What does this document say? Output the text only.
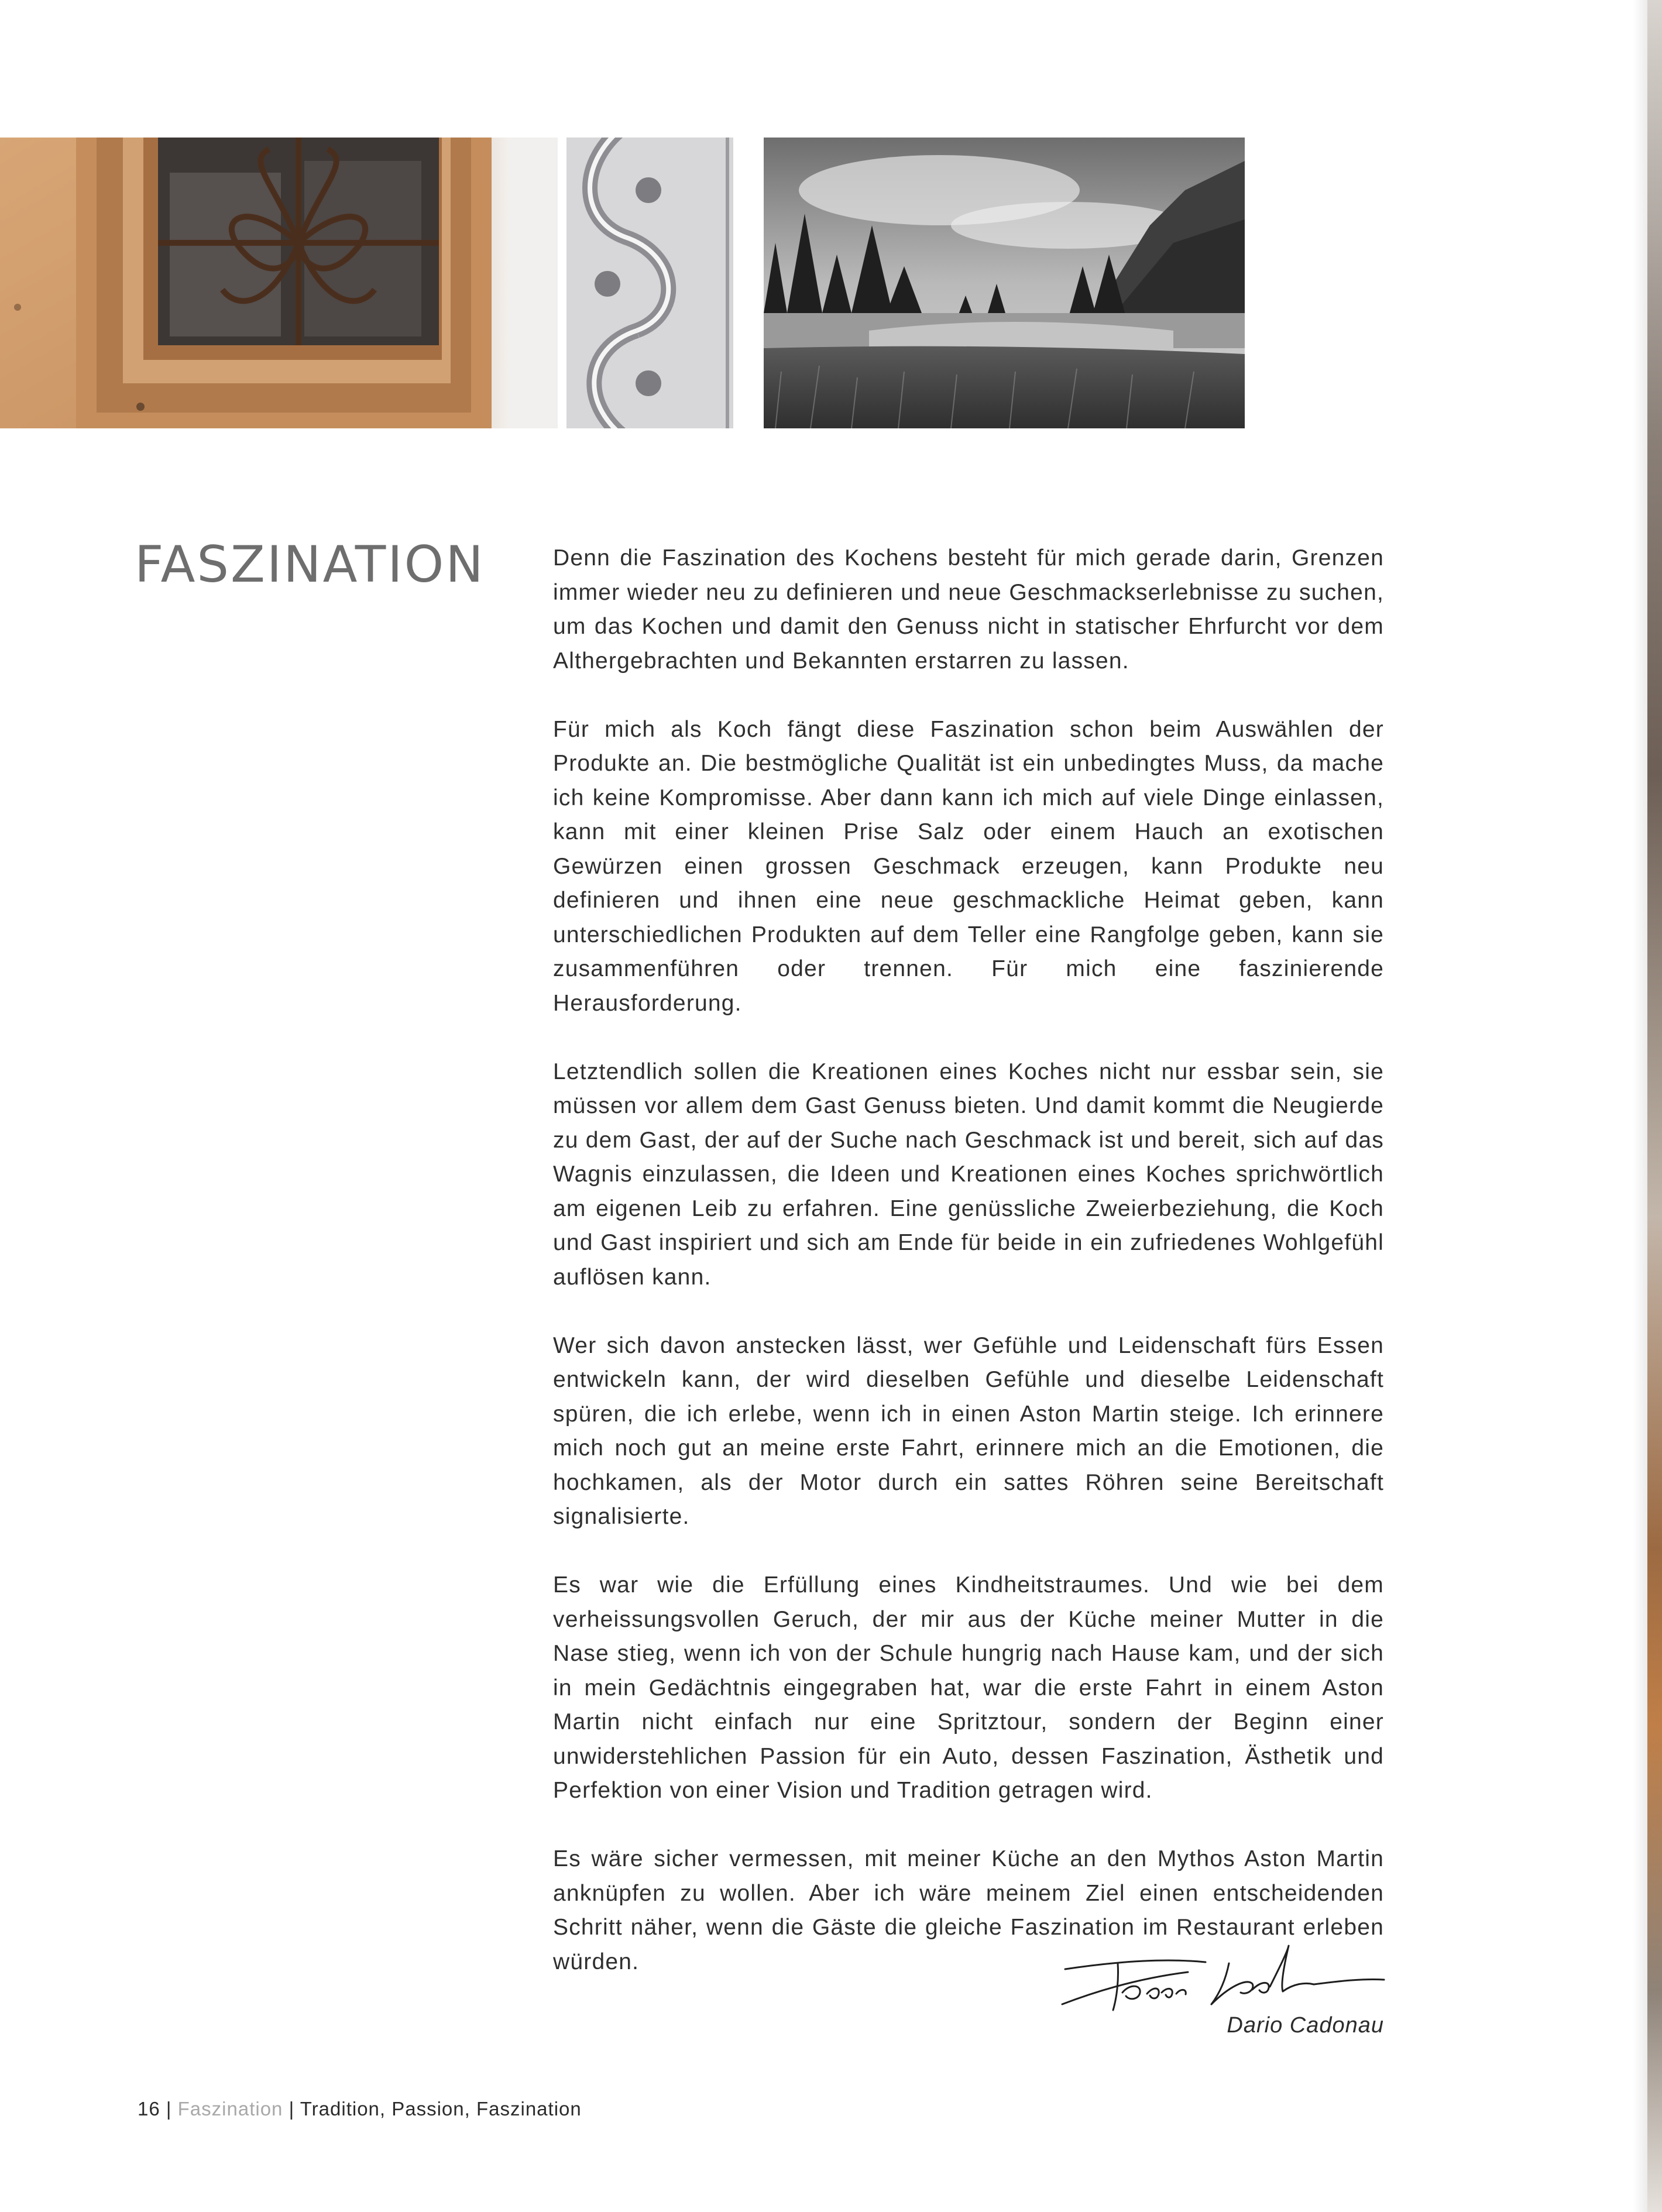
FASZINATION	Denn die Faszination des Kochens besteht für mich gerade darin, Grenzen immer wieder neu zu definieren und neue Geschmackserlebnisse zu suchen, um das Kochen und damit den Genuss nicht in statischer Ehrfurcht vor dem Althergebrachten und Bekannten erstarren zu lassen.

Für mich als Koch fängt diese Faszination schon beim Auswählen der Produkte an. Die bestmögliche Qualität ist ein unbedingtes Muss, da mache ich keine Kompromisse. Aber dann kann ich mich auf viele Dinge einlassen, kann mit einer kleinen Prise Salz oder einem Hauch an exotischen Gewürzen einen grossen Geschmack erzeugen, kann Produkte neu definieren und ihnen eine neue geschmackliche Heimat geben, kann unterschiedlichen Produkten auf dem Teller eine Rangfolge geben, kann sie zusammenführen oder trennen. Für mich eine faszinierende Herausforderung.

Letztendlich sollen die Kreationen eines Koches nicht nur essbar sein, sie müssen vor allem dem Gast Genuss bieten. Und damit kommt die Neugierde zu dem Gast, der auf der Suche nach Geschmack ist und bereit, sich auf das Wagnis einzulassen, die Ideen und Kreationen eines Koches sprichwörtlich am eigenen Leib zu erfahren. Eine genüssliche Zweierbeziehung, die Koch und Gast inspiriert und sich am Ende für beide in ein zufriedenes Wohlgefühl auflösen kann.

Wer sich davon anstecken lässt, wer Gefühle und Leidenschaft fürs Essen entwickeln kann, der wird dieselben Gefühle und dieselbe Leidenschaft spüren, die ich erlebe, wenn ich in einen Aston Martin steige. Ich erinnere mich noch gut an meine erste Fahrt, erinnere mich an die Emotionen, die hochkamen, als der Motor durch ein sattes Röhren seine Bereitschaft signalisierte.

Es war wie die Erfüllung eines Kindheitstraumes. Und wie bei dem verheissungsvollen Geruch, der mir aus der Küche meiner Mutter in die Nase stieg, wenn ich von der Schule hungrig nach Hause kam, und der sich in mein Gedächtnis eingegraben hat, war die erste Fahrt in einem Aston Martin nicht einfach nur eine Spritztour, sondern der Beginn einer unwiderstehlichen Passion für ein Auto, dessen Faszination, Ästhetik und Perfektion von einer Vision und Tradition getragen wird.

Es wäre sicher vermessen, mit meiner Küche an den Mythos Aston Martin anknüpfen zu wollen. Aber ich wäre meinem Ziel einen entscheidenden Schritt näher, wenn die Gäste die gleiche Faszination im Restaurant erleben würden.

Dario Cadonau
16 | Faszination | Tradition, Passion, Faszination
